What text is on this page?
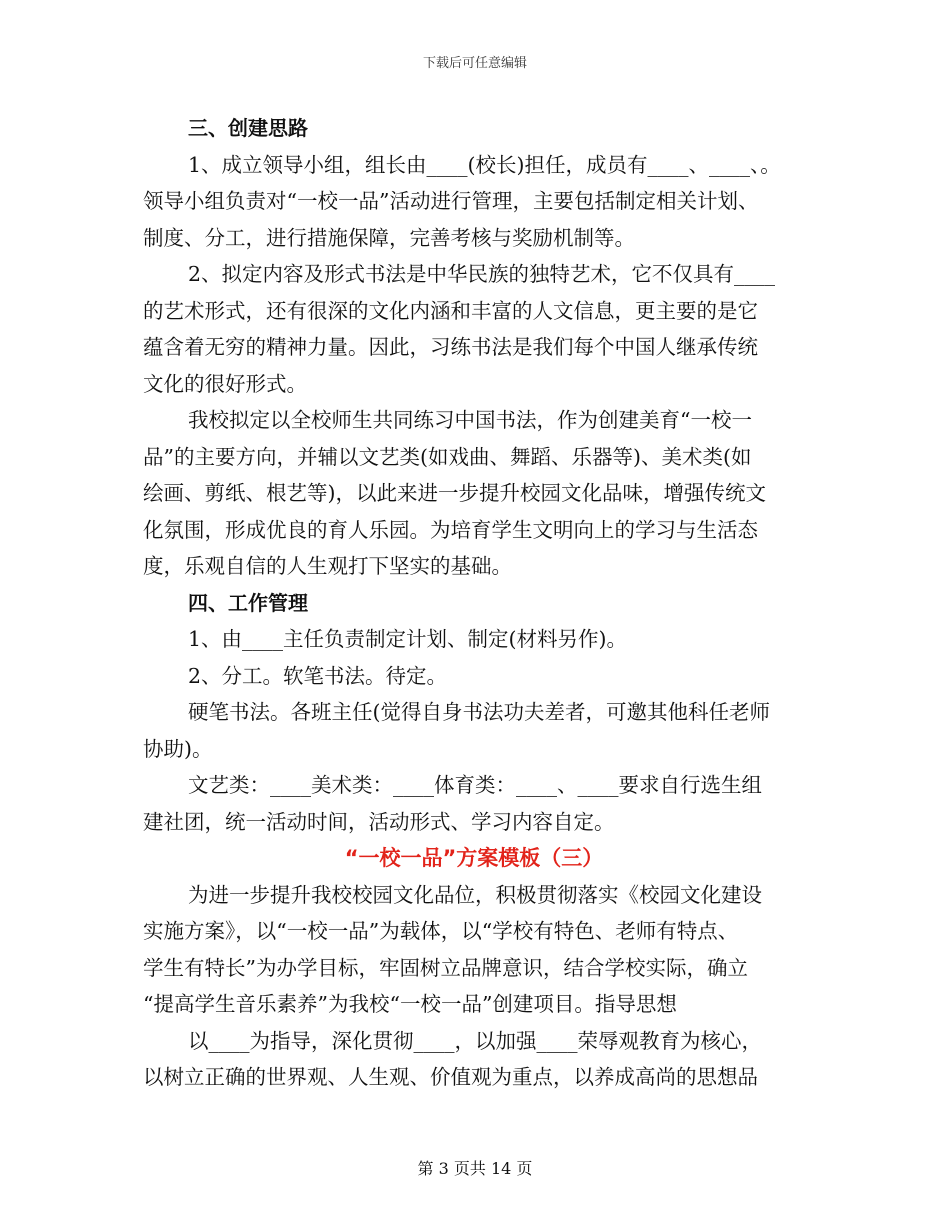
下载后可任意编辑

三、创建思路

1、成立领导小组，组长由____(校长)担任，成员有____、____、。

领导小组负责对“一校一品”活动进行管理，主要包括制定相关计划、

制度、分工，进行措施保障，完善考核与奖励机制等。

2、拟定内容及形式书法是中华民族的独特艺术，它不仅具有____

的艺术形式，还有很深的文化内涵和丰富的人文信息，更主要的是它

蕴含着无穷的精神力量。因此，习练书法是我们每个中国人继承传统

文化的很好形式。

我校拟定以全校师生共同练习中国书法，作为创建美育“一校一

品”的主要方向，并辅以文艺类(如戏曲、舞蹈、乐器等)、美术类(如

绘画、剪纸、根艺等)，以此来进一步提升校园文化品味，增强传统文

化氛围，形成优良的育人乐园。为培育学生文明向上的学习与生活态

度，乐观自信的人生观打下坚实的基础。

四、工作管理

1、由____主任负责制定计划、制定(材料另作)。

2、分工。软笔书法。待定。

硬笔书法。各班主任(觉得自身书法功夫差者，可邀其他科任老师

协助)。

文艺类：____美术类：____体育类：____、____要求自行选生组

建社团，统一活动时间，活动形式、学习内容自定。

“一校一品”方案模板（三）

为进一步提升我校校园文化品位，积极贯彻落实《校园文化建设

实施方案》，以“一校一品”为载体，以“学校有特色、老师有特点、

学生有特长”为办学目标，牢固树立品牌意识，结合学校实际，确立

“提高学生音乐素养”为我校“一校一品”创建项目。指导思想

以____为指导，深化贯彻____，以加强____荣辱观教育为核心，

以树立正确的世界观、人生观、价值观为重点，以养成高尚的思想品

第 3 页共 14 页
